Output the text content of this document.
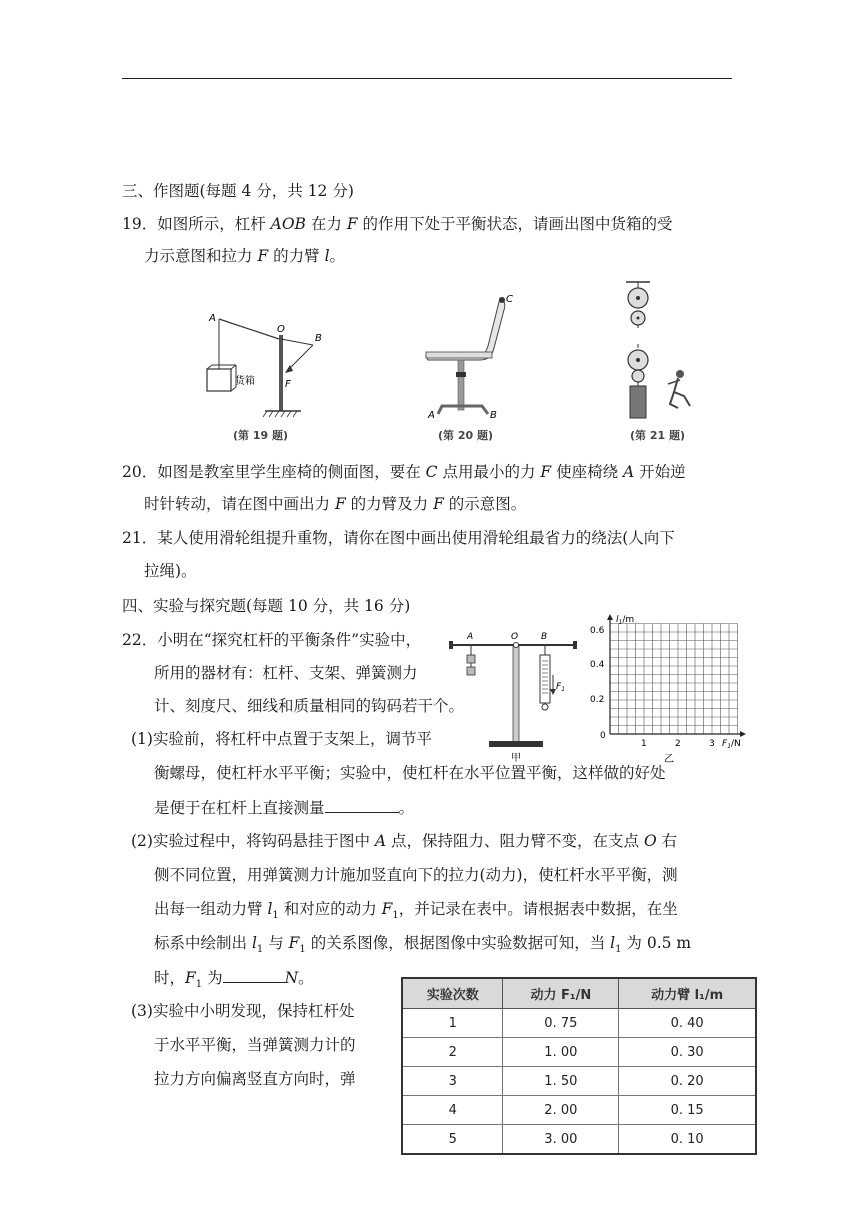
三、作图题(每题 4 分，共 12 分)
19．如图所示，杠杆 AOB 在力 F 的作用下处于平衡状态，请画出图中货箱的受
力示意图和拉力 F 的力臂 l。
A
O
B
F
货箱
(第 19 题)
C
A	B
(第 20 题)	(第 21 题)
20．如图是教室里学生座椅的侧面图，要在 C 点用最小的力 F 使座椅绕 A 开始逆
时针转动，请在图中画出力 F 的力臂及力 F 的示意图。
21．某人使用滑轮组提升重物，请你在图中画出使用滑轮组最省力的绕法(人向下
拉绳)。
四、实验与探究题(每题 10 分，共 16 分)
22．小明在“探究杠杆的平衡条件”实验中，
所用的器材有：杠杆、支架、弹簧测力
计、刻度尺、细线和质量相同的钩码若干个。
A	O	B
$F_1$
甲
$l_1/m$
$F_1/N$
0.6
0.4
0.2
0
1	2	3
乙
(1)实验前，将杠杆中点置于支架上，调节平
衡螺母，使杠杆水平平衡；实验中，使杠杆在水平位置平衡，这样做的好处
是便于在杠杆上直接测量	。
(2)实验过程中，将钩码悬挂于图中 A 点，保持阻力、阻力臂不变，在支点 O 右
侧不同位置，用弹簧测力计施加竖直向下的拉力(动力)，使杠杆水平平衡，测
出每一组动力臂 $l_1$ 和对应的动力 $F_1$，并记录在表中。请根据表中数据，在坐
标系中绘制出 $l_1$ 与 $F_1$ 的关系图像，根据图像中实验数据可知，当 $l_1$ 为 0.5 m
时，$F_1$ 为	N。
(3)实验中小明发现，保持杠杆处
于水平平衡，当弹簧测力计的
拉力方向偏离竖直方向时，弹
实验次数	动力 F₁/N	动力臂 l₁/m
1	0. 75	0. 40
2	1. 00	0. 30
3	1. 50	0. 20
4	2. 00	0. 15
5	3. 00	0. 10
